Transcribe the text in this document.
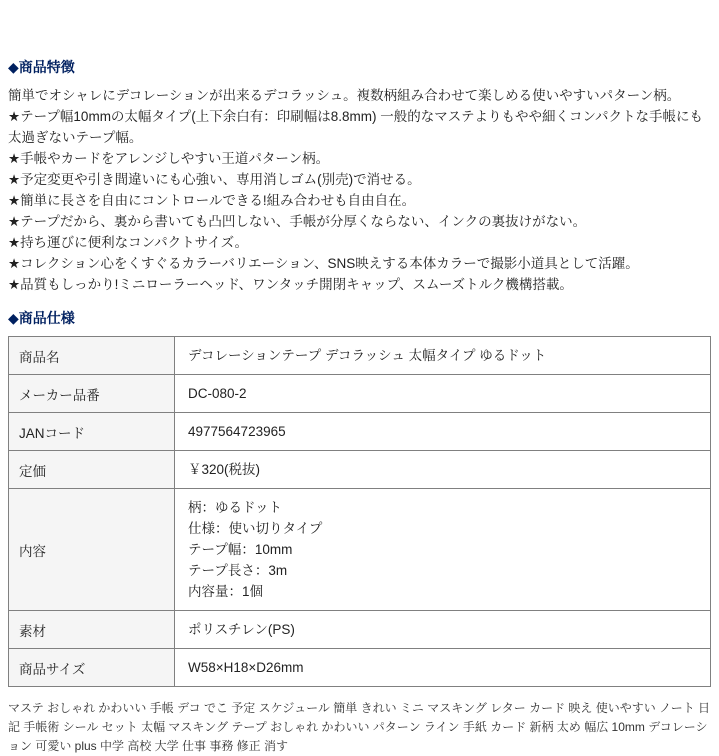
◆商品特徴

簡単でオシャレにデコレーションが出来るデコラッシュ。複数柄組み合わせて楽しめる使いやすいパターン柄。

★テープ幅10mmの太幅タイプ(上下余白有：印刷幅は8.8mm) 一般的なマステよりもやや細くコンパクトな手帳にも太過ぎないテープ幅。

★手帳やカードをアレンジしやすい王道パターン柄。

★予定変更や引き間違いにも心強い、専用消しゴム(別売)で消せる。

★簡単に長さを自由にコントロールできる!組み合わせも自由自在。

★テープだから、裏から書いても凸凹しない、手帳が分厚くならない、インクの裏抜けがない。

★持ち運びに便利なコンパクトサイズ。

★コレクション心をくすぐるカラーバリエーション、SNS映えする本体カラーで撮影小道具として活躍。

★品質もしっかり!ミニローラーヘッド、ワンタッチ開閉キャップ、スムーズトルク機構搭載。

◆商品仕様
商品名	デコレーションテープ デコラッシュ 太幅タイプ ゆるドット
メーカー品番	DC-080-2
JANコード	4977564723965
定価	￥320(税抜)
内容	柄：ゆるドット
仕様：使い切りタイプ
テープ幅：10mm
テープ長さ：3m
内容量：1個
素材	ポリスチレン(PS)
商品サイズ	W58×H18×D26mm

マステ おしゃれ かわいい 手帳 デコ でこ 予定 スケジュール 簡単 きれい ミニ マスキング レター カード 映え 使いやすい ノート 日記 手帳術 シール セット 太幅 マスキング テープ おしゃれ かわいい パターン ライン 手紙 カード 新柄 太め 幅広 10mm デコレーション 可愛い plus 中学 高校 大学 仕事 事務 修正 消す
